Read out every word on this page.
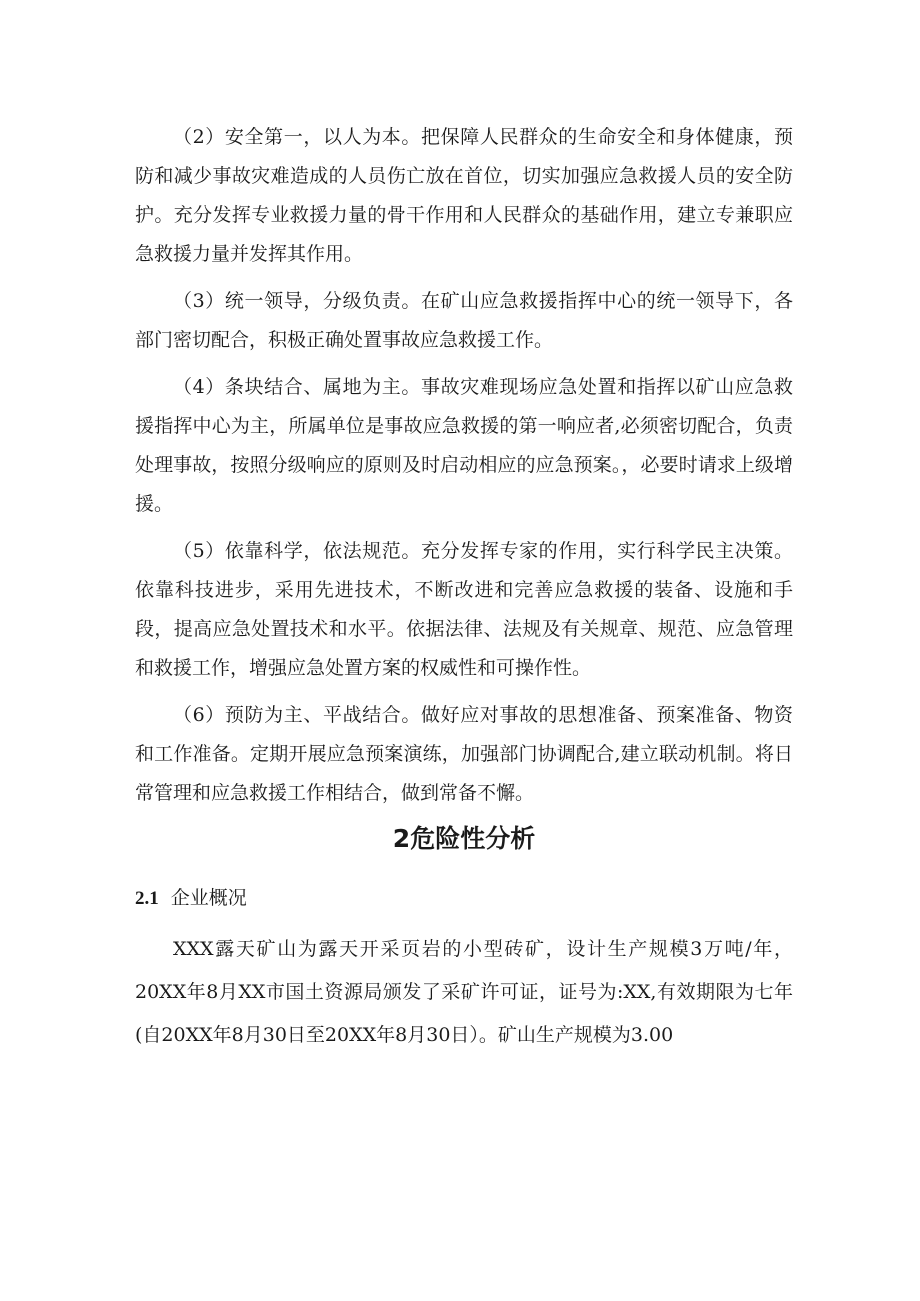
（2）安全第一，以人为本。把保障人民群众的生命安全和身体健康，预防和减少事故灾难造成的人员伤亡放在首位，切实加强应急救援人员的安全防护。充分发挥专业救援力量的骨干作用和人民群众的基础作用，建立专兼职应急救援力量并发挥其作用。

（3）统一领导，分级负责。在矿山应急救援指挥中心的统一领导下，各部门密切配合，积极正确处置事故应急救援工作。

（4）条块结合、属地为主。事故灾难现场应急处置和指挥以矿山应急救援指挥中心为主，所属单位是事故应急救援的第一响应者,必须密切配合，负责处理事故，按照分级响应的原则及时启动相应的应急预案。，必要时请求上级增援。

（5）依靠科学，依法规范。充分发挥专家的作用，实行科学民主决策。依靠科技进步，采用先进技术，不断改进和完善应急救援的装备、设施和手段，提高应急处置技术和水平。依据法律、法规及有关规章、规范、应急管理和救援工作，增强应急处置方案的权威性和可操作性。

（6）预防为主、平战结合。做好应对事故的思想准备、预案准备、物资和工作准备。定期开展应急预案演练，加强部门协调配合,建立联动机制。将日常管理和应急救援工作相结合，做到常备不懈。

2危险性分析
2.1 企业概况

XXX露天矿山为露天开采页岩的小型砖矿，设计生产规模3万吨/年，20XX年8月XX市国土资源局颁发了采矿许可证，证号为:XX,有效期限为七年(自20XX年8月30日至20XX年8月30日）。矿山生产规模为3.00
